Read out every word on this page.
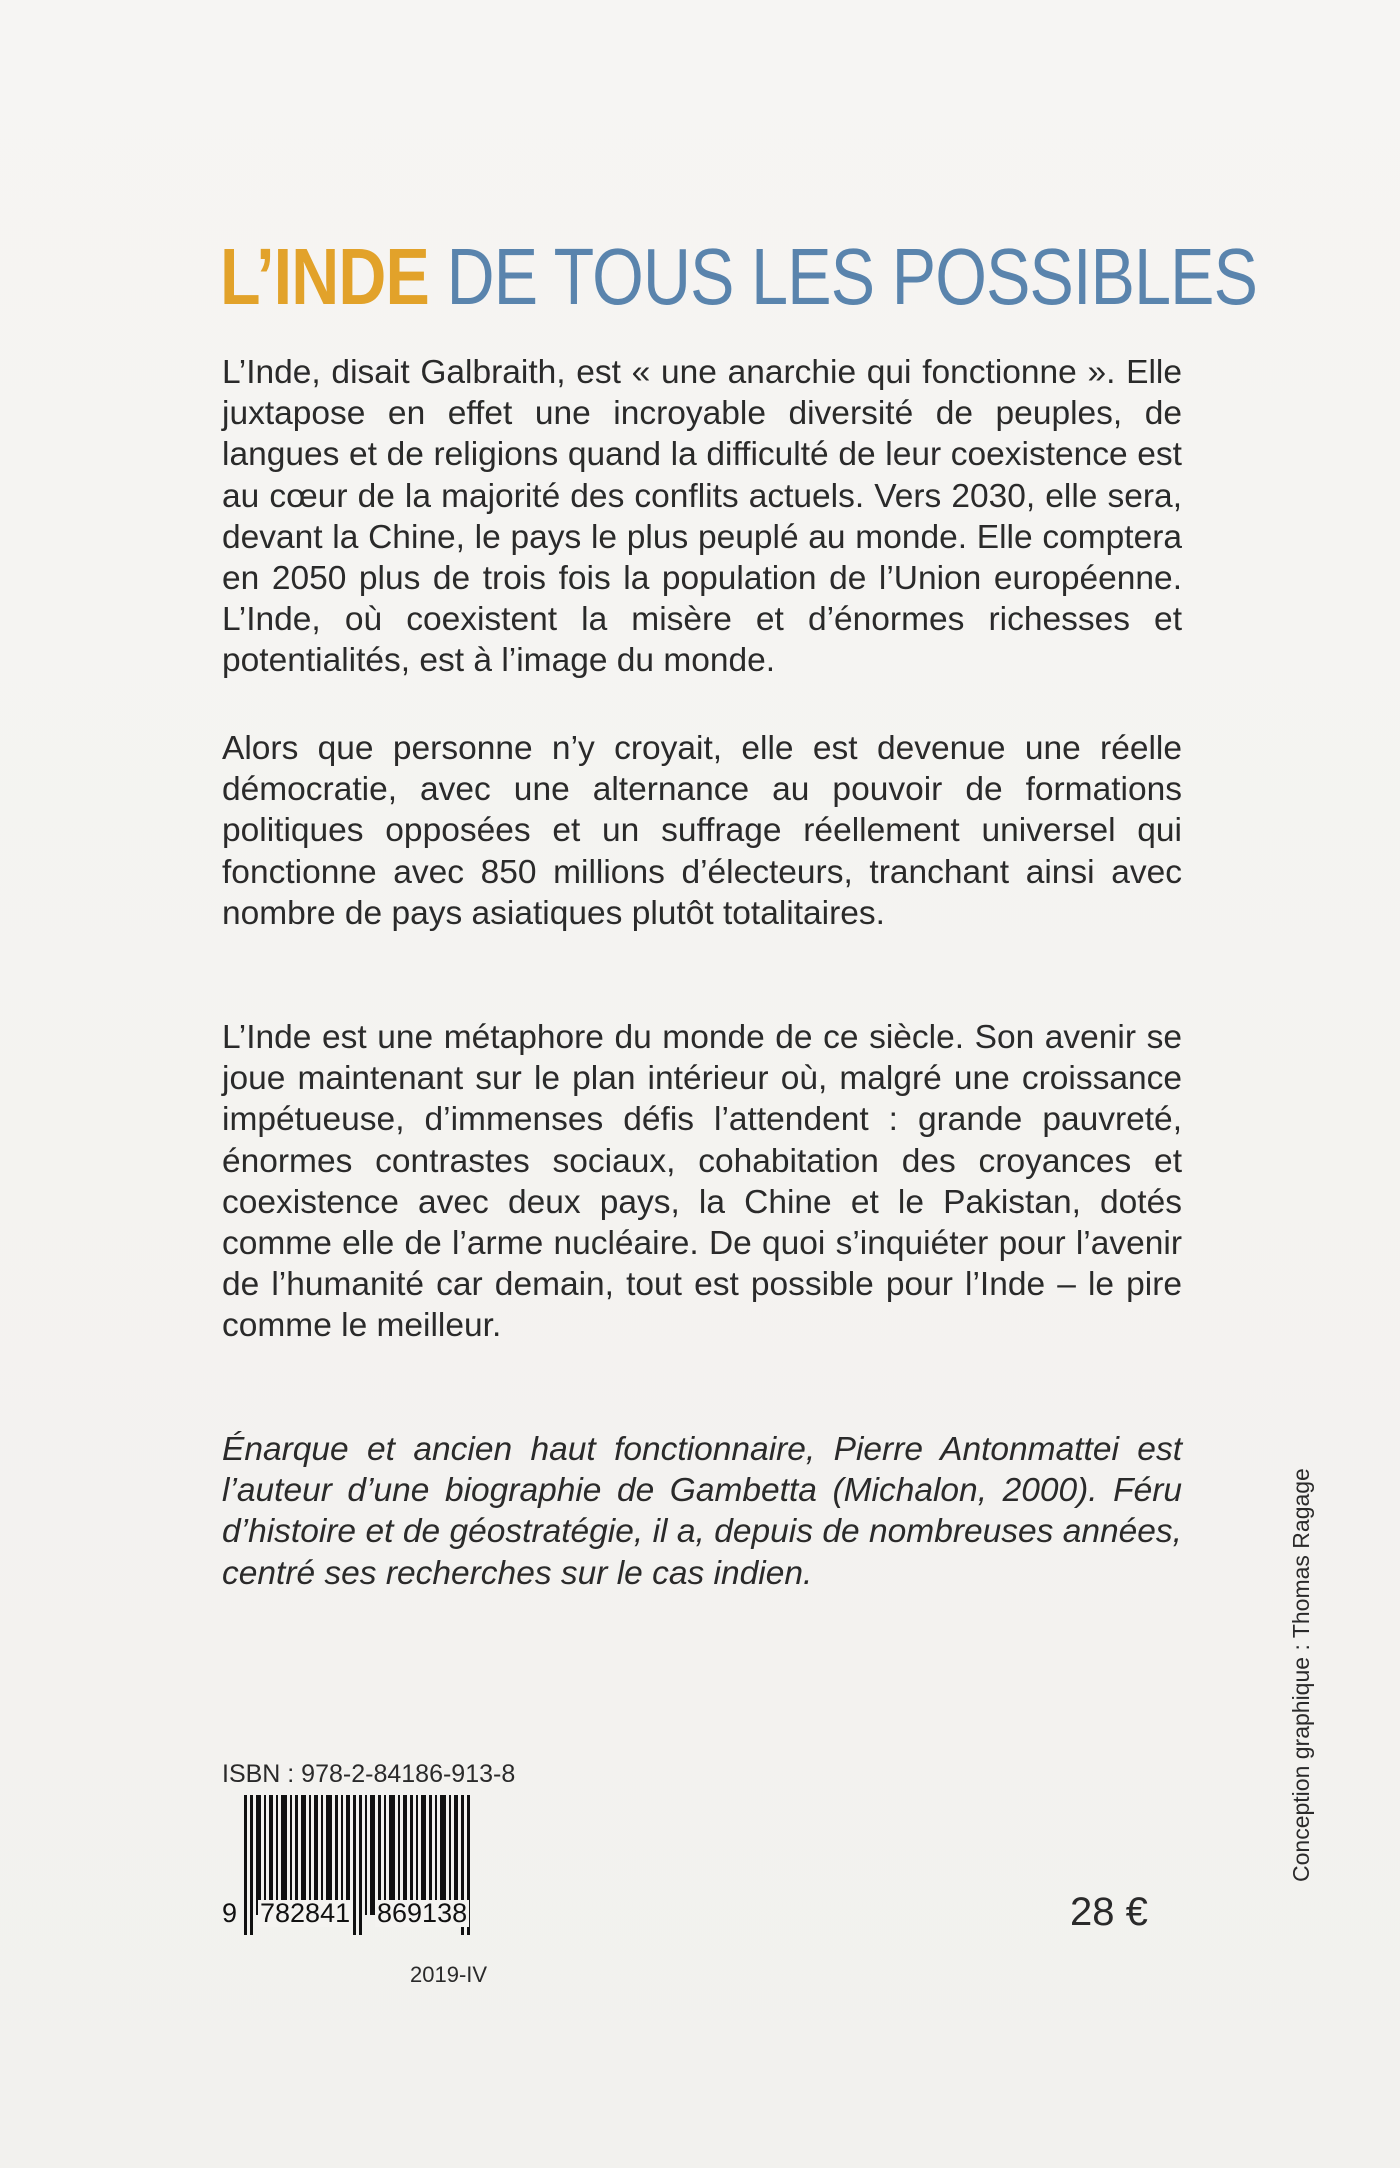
L’INDE DE TOUS LES POSSIBLES

L’Inde, disait Galbraith, est « une anarchie qui fonctionne ». Elle juxtapose en effet une incroyable diversité de peuples, de langues et de religions quand la difficulté de leur coexistence est au cœur de la majorité des conflits actuels. Vers 2030, elle sera, devant la Chine, le pays le plus peuplé au monde. Elle comptera en 2050 plus de trois fois la population de l’Union européenne. L’Inde, où coexistent la misère et d’énormes richesses et potentialités, est à l’image du monde.

Alors que personne n’y croyait, elle est devenue une réelle démocratie, avec une alternance au pouvoir de formations politiques opposées et un suffrage réellement universel qui fonctionne avec 850 millions d’électeurs, tranchant ainsi avec nombre de pays asiatiques plutôt totalitaires.

L’Inde est une métaphore du monde de ce siècle. Son avenir se joue maintenant sur le plan intérieur où, malgré une croissance impétueuse, d’immenses défis l’attendent : grande pauvreté, énormes contrastes sociaux, cohabitation des croyances et coexistence avec deux pays, la Chine et le Pakistan, dotés comme elle de l’arme nucléaire. De quoi s’inquiéter pour l’avenir de l’humanité car demain, tout est possible pour l’Inde – le pire comme le meilleur.

Énarque et ancien haut fonctionnaire, Pierre Antonmattei est l’auteur d’une biographie de Gambetta (Michalon, 2000). Féru d’histoire et de géostratégie, il a, depuis de nombreuses années, centré ses recherches sur le cas indien.

ISBN : 978-2-84186-913-8
9 782841 869138	28 €
2019-IV
Conception graphique : Thomas Ragage
